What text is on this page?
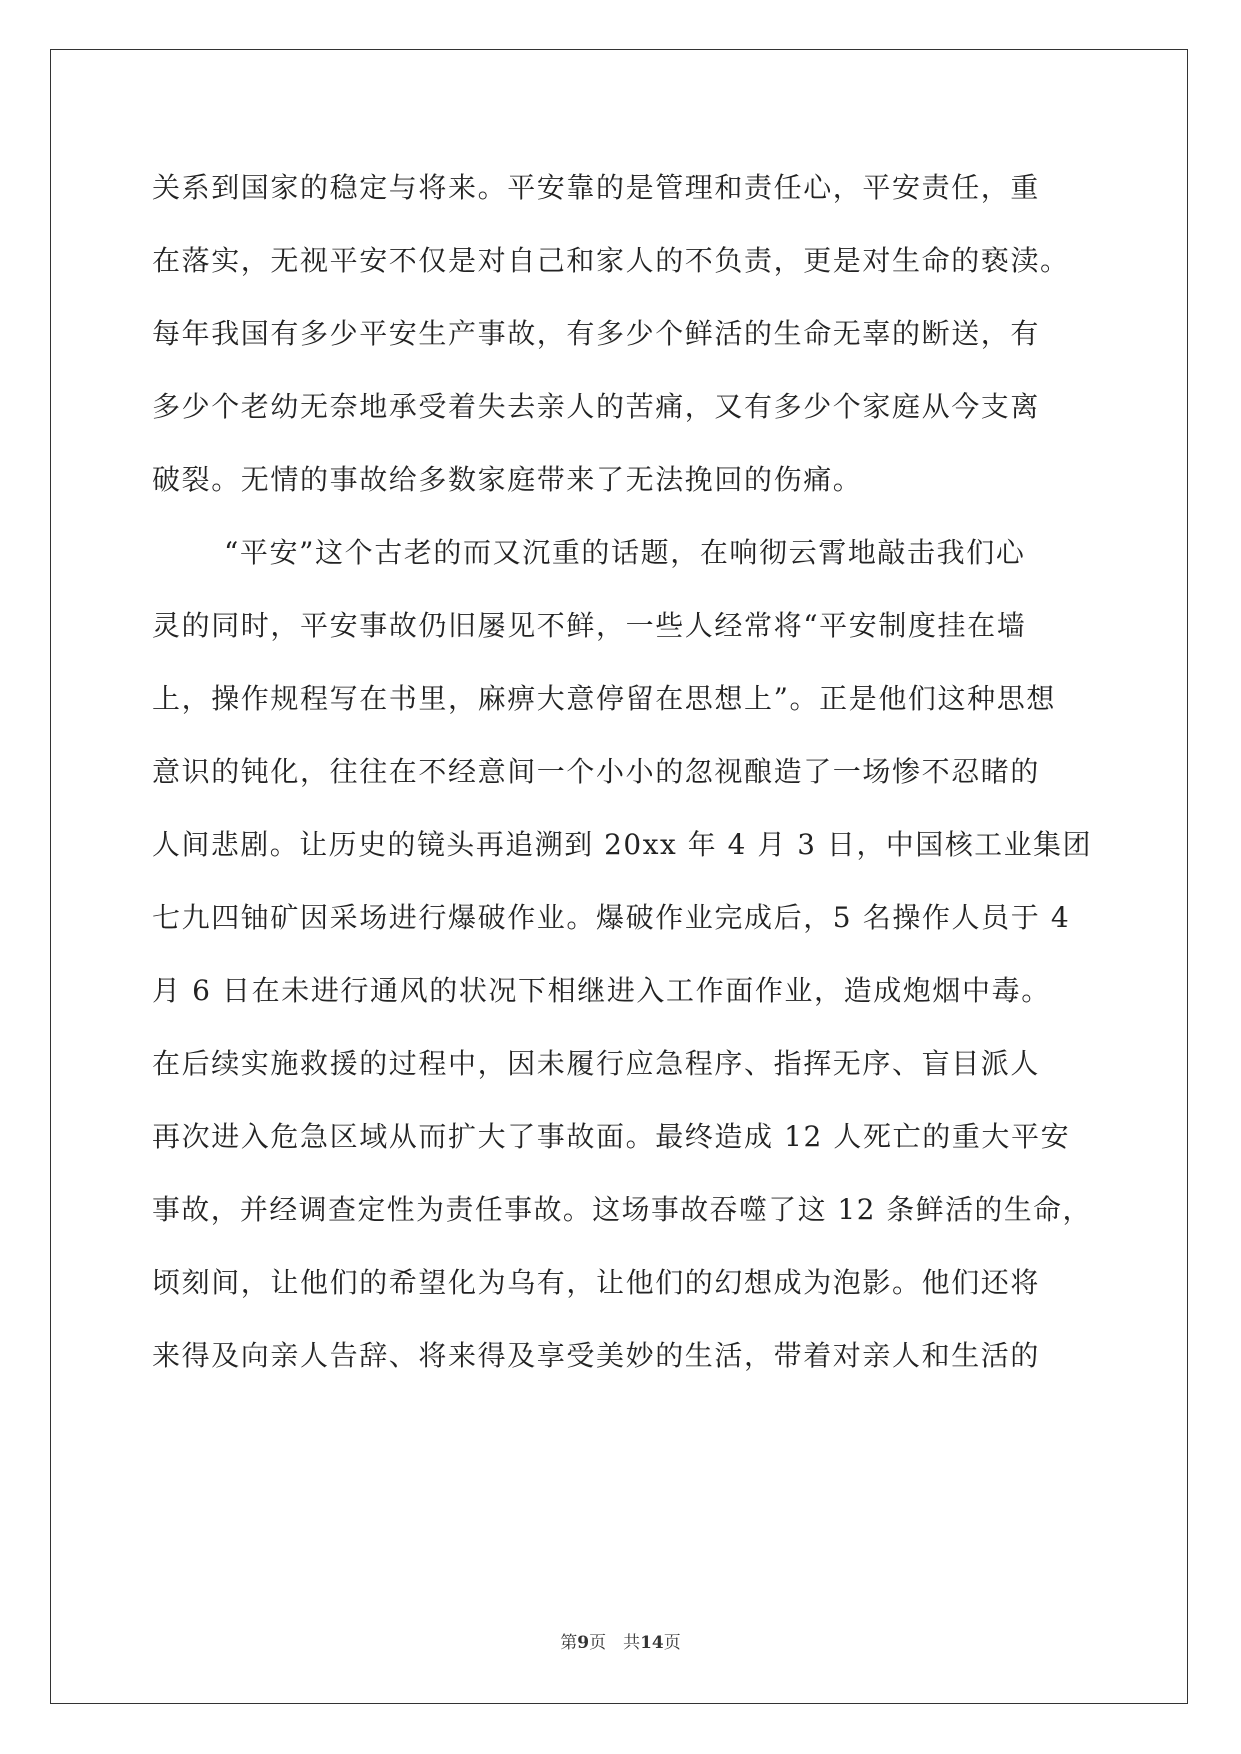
关系到国家的稳定与将来。平安靠的是管理和责任心，平安责任，重
在落实，无视平安不仅是对自己和家人的不负责，更是对生命的亵渎。
每年我国有多少平安生产事故，有多少个鲜活的生命无辜的断送，有
多少个老幼无奈地承受着失去亲人的苦痛，又有多少个家庭从今支离
破裂。无情的事故给多数家庭带来了无法挽回的伤痛。
“平安”这个古老的而又沉重的话题，在响彻云霄地敲击我们心
灵的同时，平安事故仍旧屡见不鲜，一些人经常将“平安制度挂在墙
上，操作规程写在书里，麻痹大意停留在思想上”。正是他们这种思想
意识的钝化，往往在不经意间一个小小的忽视酿造了一场惨不忍睹的
人间悲剧。让历史的镜头再追溯到 20xx 年 4 月 3 日，中国核工业集团
七九四铀矿因采场进行爆破作业。爆破作业完成后，5 名操作人员于 4
月 6 日在未进行通风的状况下相继进入工作面作业，造成炮烟中毒。
在后续实施救援的过程中，因未履行应急程序、指挥无序、盲目派人
再次进入危急区域从而扩大了事故面。最终造成 12 人死亡的重大平安
事故，并经调查定性为责任事故。这场事故吞噬了这 12 条鲜活的生命，
顷刻间，让他们的希望化为乌有，让他们的幻想成为泡影。他们还将
来得及向亲人告辞、将来得及享受美妙的生活，带着对亲人和生活的
第9页　共14页
